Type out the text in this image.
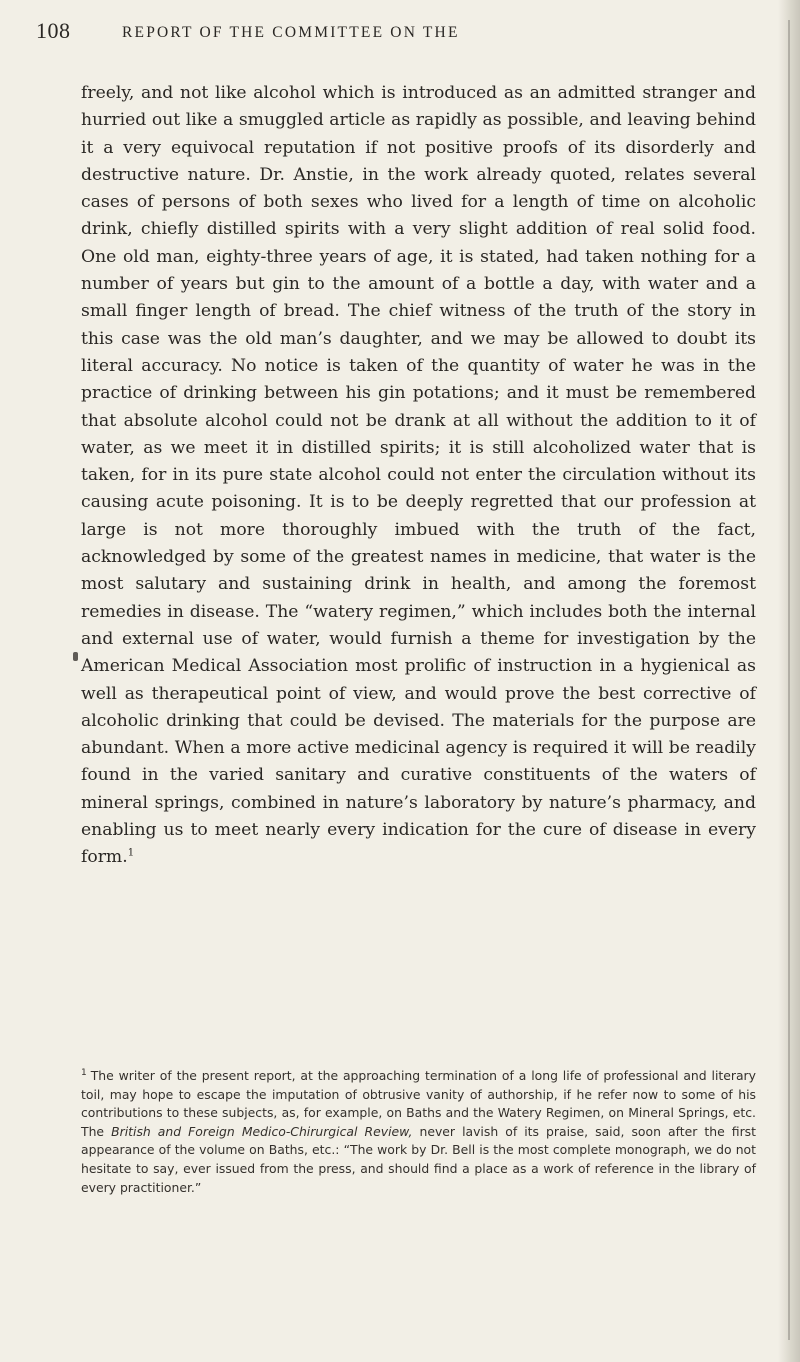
108	REPORT OF THE COMMITTEE ON THE

freely, and not like alcohol which is introduced as an admitted stranger and hurried out like a smuggled article as rapidly as possible, and leaving behind it a very equivocal reputation if not positive proofs of its disorderly and destructive nature. Dr. Anstie, in the work already quoted, relates several cases of persons of both sexes who lived for a length of time on alcoholic drink, chiefly distilled spirits with a very slight addition of real solid food. One old man, eighty-three years of age, it is stated, had taken nothing for a number of years but gin to the amount of a bottle a day, with water and a small finger length of bread. The chief witness of the truth of the story in this case was the old man’s daughter, and we may be allowed to doubt its literal accuracy. No notice is taken of the quantity of water he was in the practice of drinking between his gin potations; and it must be remembered that absolute alcohol could not be drank at all without the addition to it of water, as we meet it in distilled spirits; it is still alcoholized water that is taken, for in its pure state alcohol could not enter the circulation without its causing acute poisoning. It is to be deeply regretted that our profession at large is not more thoroughly imbued with the truth of the fact, acknowledged by some of the greatest names in medicine, that water is the most salutary and sustaining drink in health, and among the foremost remedies in disease. The “watery regimen,” which includes both the internal and external use of water, would furnish a theme for investigation by the American Medical Association most prolific of instruction in a hygienical as well as therapeutical point of view, and would prove the best corrective of alcoholic drinking that could be devised. The materials for the purpose are abundant. When a more active medicinal agency is required it will be readily found in the varied sanitary and curative constituents of the waters of mineral springs, combined in nature’s laboratory by nature’s pharmacy, and enabling us to meet nearly every indication for the cure of disease in every form.$^1$

$^1$ The writer of the present report, at the approaching termination of a long life of professional and literary toil, may hope to escape the imputation of obtrusive vanity of authorship, if he refer now to some of his contributions to these subjects, as, for example, on Baths and the Watery Regimen, on Mineral Springs, etc. The British and Foreign Medico-Chirurgical Review, never lavish of its praise, said, soon after the first appearance of the volume on Baths, etc.: “The work by Dr. Bell is the most complete monograph, we do not hesitate to say, ever issued from the press, and should find a place as a work of reference in the library of every practitioner.”
